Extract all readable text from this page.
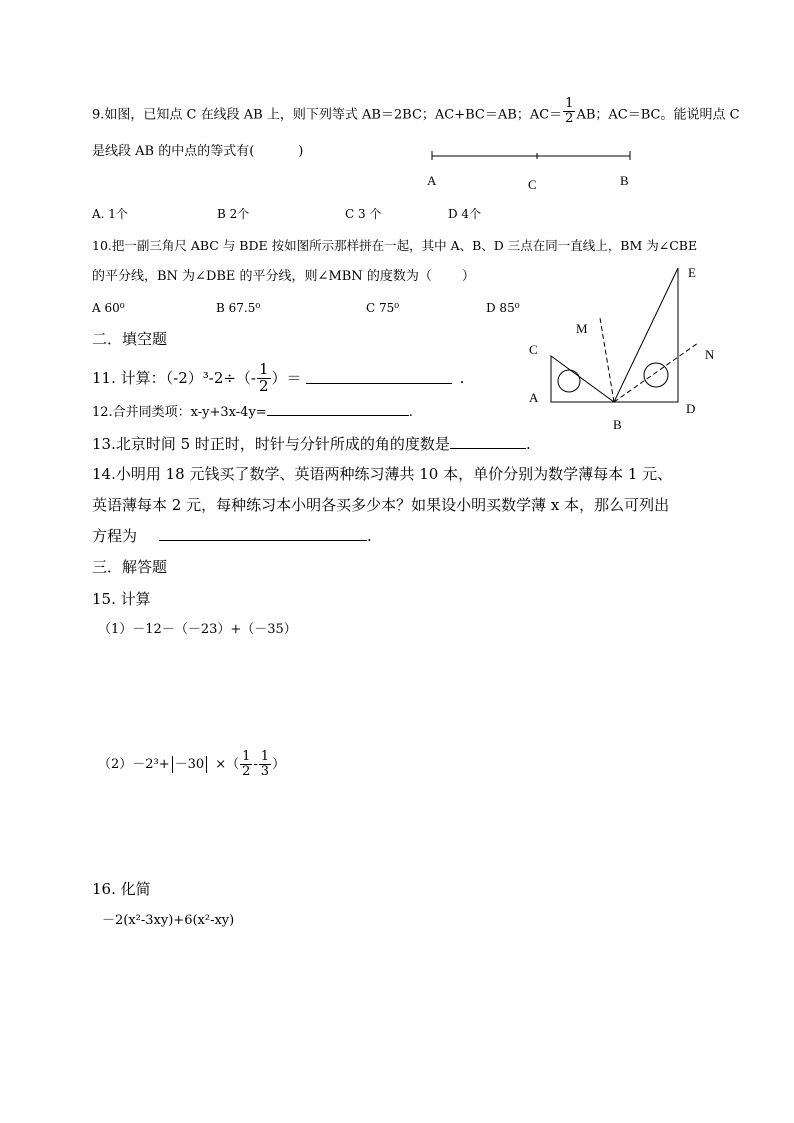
9.如图，已知点 C 在线段 AB 上，则下列等式 AB＝2BC；AC+BC＝AB；$AC= \frac{1}{2}$ AB；AC＝BC。能说明点 C
是线段 AB 的中点的等式有(	)
A	C	B
A. 1个	B 2个	C 3 个	D 4个
10.把一副三角尺 ABC 与 BDE 按如图所示那样拼在一起，其中 A、B、D 三点在同一直线上，BM 为∠CBE
的平分线，BN 为∠DBE 的平分线，则∠MBN 的度数为（ ）
A 60⁰	B 67.5⁰	C 75⁰	D 85⁰
E
M
N
C
A
B
D
二．填空题
11. 计算：$(-2)^3-2\div(- \frac{1}{2}$ ）＝	.
12.合并同类项：x-y+3x-4y=	.
13.北京时间 5 时正时，时针与分针所成的角的度数是	.
14.小明用 18 元钱买了数学、英语两种练习薄共 10 本，单价分别为数学薄每本 1 元、
英语薄每本 2 元，每种练习本小明各买多少本？如果设小明买数学薄 x 本，那么可列出
方程为	.
三．解答题
15. 计算
（1）－12－（－23）+（－35）
（2）－2³+ －30 ×（ $\frac{1}{2} - \frac{1}{3}$ ）
16. 化简
－2(x²-3xy)+6(x²-xy)
